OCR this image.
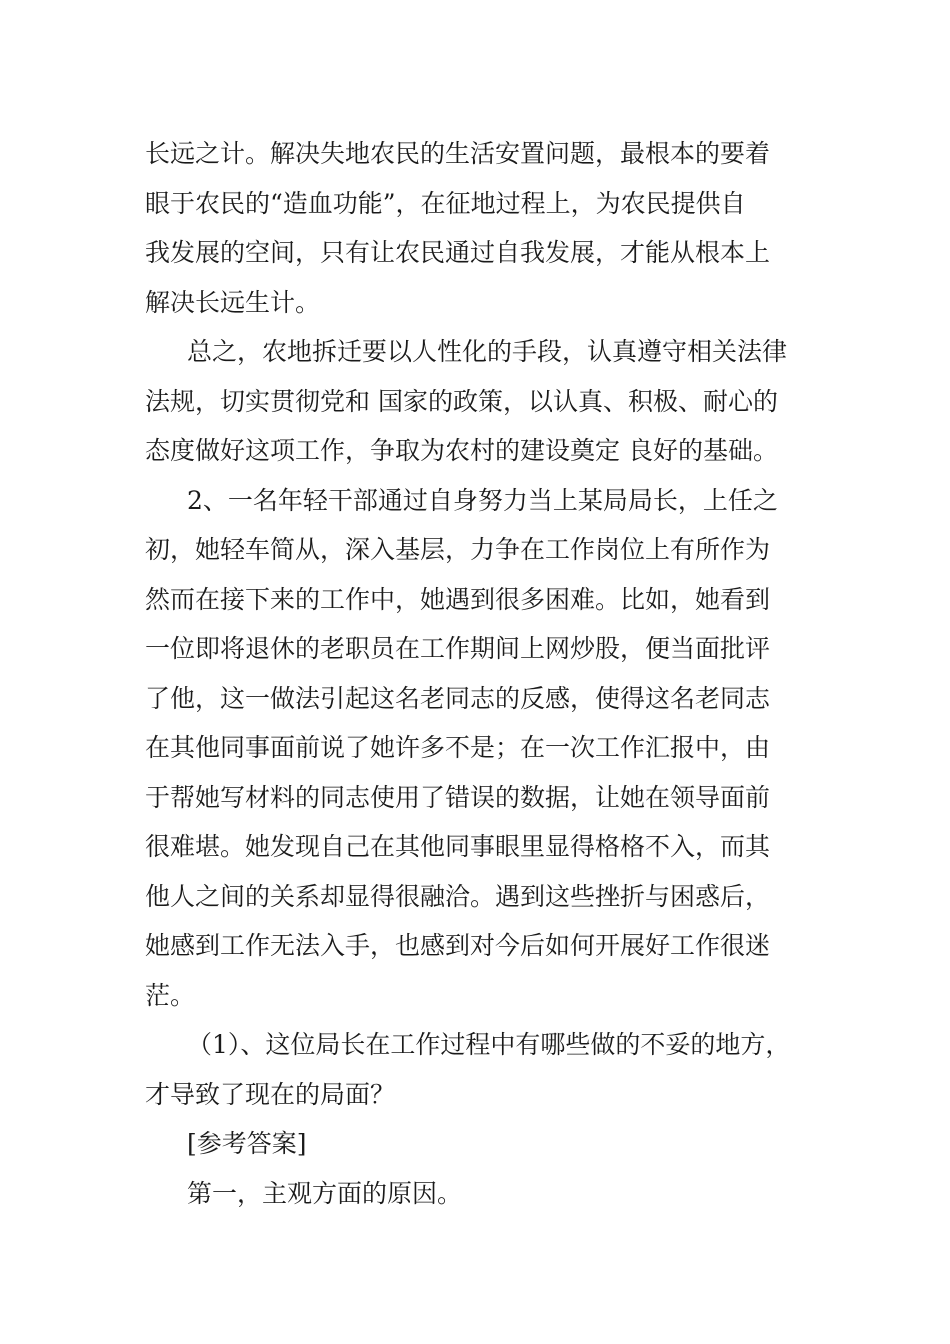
长远之计。解决失地农民的生活安置问题，最根本的要着
眼于农民的“造血功能”，在征地过程上，为农民提供自
我发展的空间，只有让农民通过自我发展，才能从根本上
解决长远生计。
总之，农地拆迁要以人性化的手段，认真遵守相关法律
法规，切实贯彻党和 国家的政策，以认真、积极、耐心的
态度做好这项工作，争取为农村的建设奠定 良好的基础。
2、一名年轻干部通过自身努力当上某局局长，上任之
初，她轻车简从，深入基层，力争在工作岗位上有所作为
然而在接下来的工作中，她遇到很多困难。比如，她看到
一位即将退休的老职员在工作期间上网炒股，便当面批评
了他，这一做法引起这名老同志的反感，使得这名老同志
在其他同事面前说了她许多不是；在一次工作汇报中，由
于帮她写材料的同志使用了错误的数据，让她在领导面前
很难堪。她发现自己在其他同事眼里显得格格不入，而其
他人之间的关系却显得很融洽。遇到这些挫折与困惑后，
她感到工作无法入手，也感到对今后如何开展好工作很迷
茫。
（1）、这位局长在工作过程中有哪些做的不妥的地方，
才导致了现在的局面？
[参考答案]
第一，主观方面的原因。
